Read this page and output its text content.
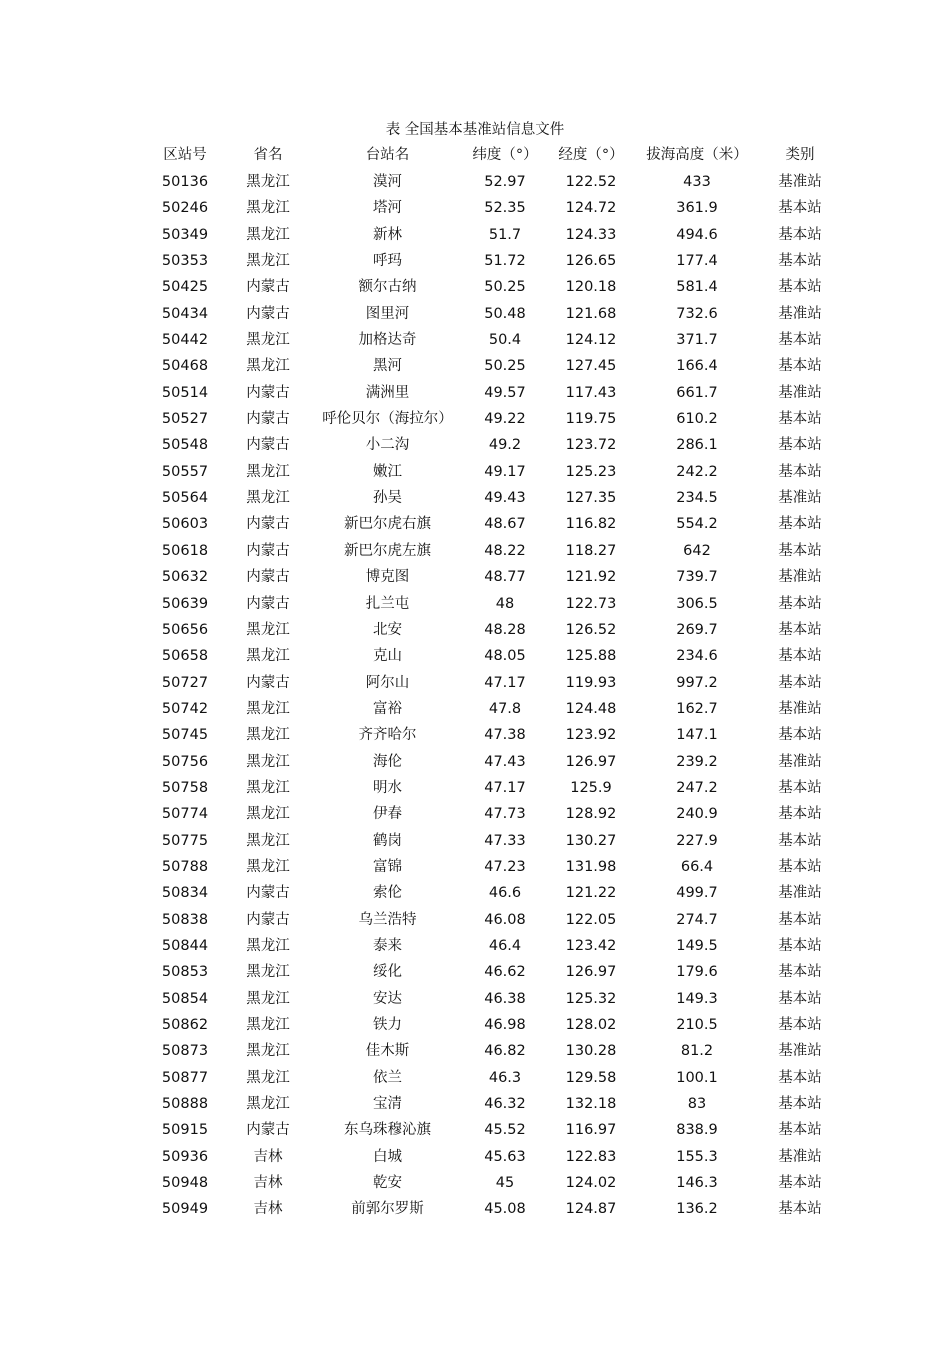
表 全国基本基准站信息文件
区站号	省名	台站名	纬度（°）	经度（°）	拔海高度（米）	类别
50136	黑龙江	漠河	52.97	122.52	433	基准站
50246	黑龙江	塔河	52.35	124.72	361.9	基本站
50349	黑龙江	新林	51.7	124.33	494.6	基本站
50353	黑龙江	呼玛	51.72	126.65	177.4	基本站
50425	内蒙古	额尔古纳	50.25	120.18	581.4	基本站
50434	内蒙古	图里河	50.48	121.68	732.6	基准站
50442	黑龙江	加格达奇	50.4	124.12	371.7	基本站
50468	黑龙江	黑河	50.25	127.45	166.4	基本站
50514	内蒙古	满洲里	49.57	117.43	661.7	基准站
50527	内蒙古	呼伦贝尔（海拉尔）	49.22	119.75	610.2	基本站
50548	内蒙古	小二沟	49.2	123.72	286.1	基本站
50557	黑龙江	嫩江	49.17	125.23	242.2	基本站
50564	黑龙江	孙吴	49.43	127.35	234.5	基准站
50603	内蒙古	新巴尔虎右旗	48.67	116.82	554.2	基本站
50618	内蒙古	新巴尔虎左旗	48.22	118.27	642	基本站
50632	内蒙古	博克图	48.77	121.92	739.7	基准站
50639	内蒙古	扎兰屯	48	122.73	306.5	基本站
50656	黑龙江	北安	48.28	126.52	269.7	基本站
50658	黑龙江	克山	48.05	125.88	234.6	基本站
50727	内蒙古	阿尔山	47.17	119.93	997.2	基本站
50742	黑龙江	富裕	47.8	124.48	162.7	基准站
50745	黑龙江	齐齐哈尔	47.38	123.92	147.1	基本站
50756	黑龙江	海伦	47.43	126.97	239.2	基准站
50758	黑龙江	明水	47.17	125.9	247.2	基本站
50774	黑龙江	伊春	47.73	128.92	240.9	基本站
50775	黑龙江	鹤岗	47.33	130.27	227.9	基本站
50788	黑龙江	富锦	47.23	131.98	66.4	基本站
50834	内蒙古	索伦	46.6	121.22	499.7	基准站
50838	内蒙古	乌兰浩特	46.08	122.05	274.7	基本站
50844	黑龙江	泰来	46.4	123.42	149.5	基本站
50853	黑龙江	绥化	46.62	126.97	179.6	基本站
50854	黑龙江	安达	46.38	125.32	149.3	基本站
50862	黑龙江	铁力	46.98	128.02	210.5	基本站
50873	黑龙江	佳木斯	46.82	130.28	81.2	基准站
50877	黑龙江	依兰	46.3	129.58	100.1	基本站
50888	黑龙江	宝清	46.32	132.18	83	基本站
50915	内蒙古	东乌珠穆沁旗	45.52	116.97	838.9	基本站
50936	吉林	白城	45.63	122.83	155.3	基准站
50948	吉林	乾安	45	124.02	146.3	基本站
50949	吉林	前郭尔罗斯	45.08	124.87	136.2	基本站
